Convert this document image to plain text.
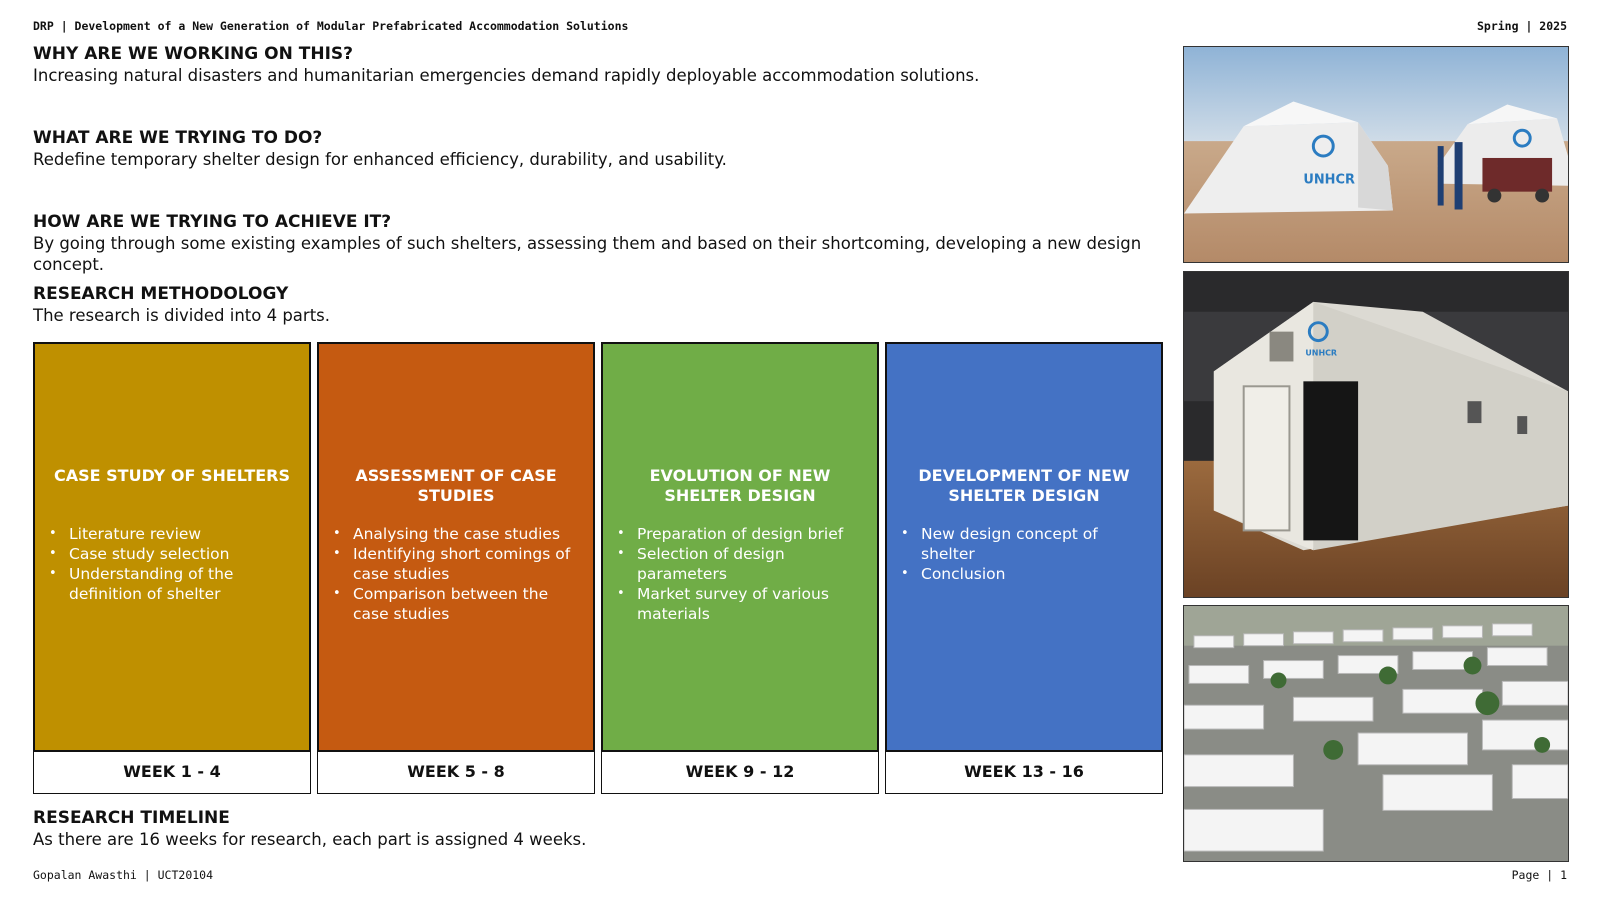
DRP | Development of a New Generation of Modular Prefabricated Accommodation Solutions	Spring | 2025
WHY ARE WE WORKING ON THIS?

Increasing natural disasters and humanitarian emergencies demand rapidly deployable accommodation solutions.

WHAT ARE WE TRYING TO DO?

Redefine temporary shelter design for enhanced efficiency, durability, and usability.

HOW ARE WE TRYING TO ACHIEVE IT?

By going through some existing examples of such shelters, assessing them and based on their shortcoming, developing a new design concept.

RESEARCH METHODOLOGY

The research is divided into 4 parts.

CASE STUDY OF SHELTERS
• Literature review
• Case study selection
• Understanding of the definition of shelter
WEEK 1 - 4
ASSESSMENT OF CASE STUDIES
• Analysing the case studies
• Identifying short comings of case studies
• Comparison between the case studies
WEEK 5 - 8
EVOLUTION OF NEW SHELTER DESIGN
• Preparation of design brief
• Selection of design parameters
• Market survey of various materials
WEEK 9 - 12
DEVELOPMENT OF NEW SHELTER DESIGN
• New design concept of shelter
• Conclusion
WEEK 13 - 16
RESEARCH TIMELINE

As there are 16 weeks for research, each part is assigned 4 weeks.

UNHCR
UNHCR
Gopalan Awasthi | UCT20104	Page | 1
